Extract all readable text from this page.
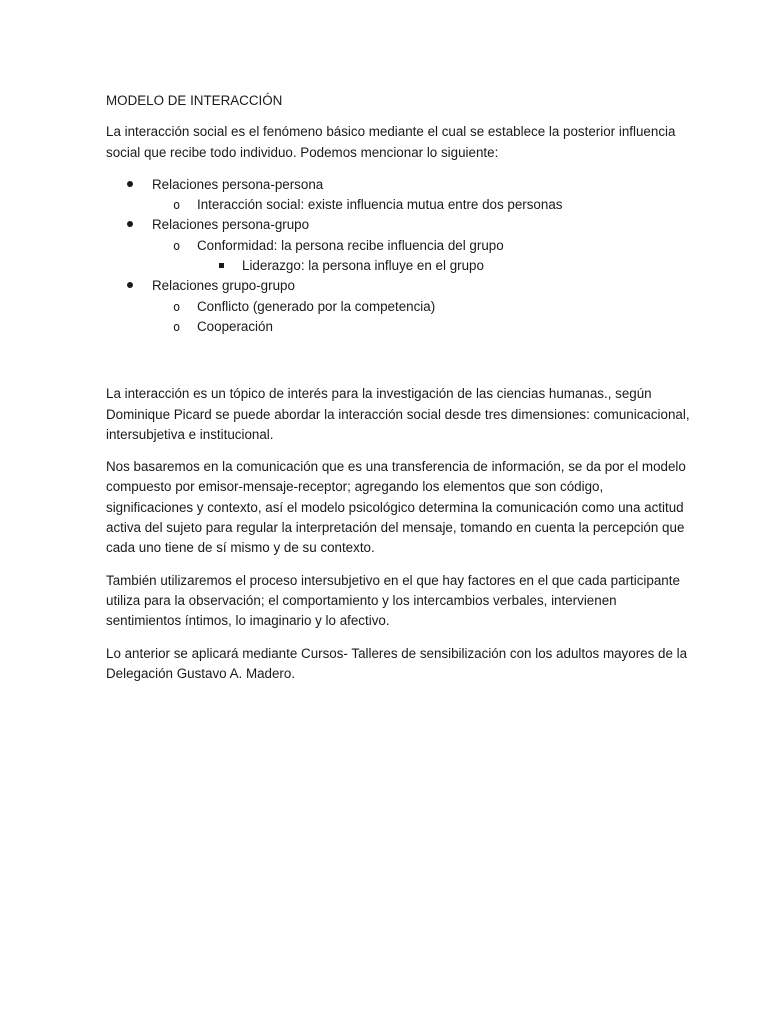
MODELO DE INTERACCIÓN
La interacción social es el fenómeno básico mediante el cual se establece la posterior influencia
social que recibe todo individuo. Podemos mencionar lo siguiente:
Relaciones persona-persona
o Interacción social: existe influencia mutua entre dos personas
Relaciones persona-grupo
o Conformidad: la persona recibe influencia del grupo
Liderazgo: la persona influye en el grupo
Relaciones grupo-grupo
o Conflicto (generado por la competencia)
o Cooperación
La interacción es un tópico de interés para la investigación de las ciencias humanas., según
Dominique Picard se puede abordar la interacción social desde tres dimensiones: comunicacional,
intersubjetiva e institucional.
Nos basaremos en la comunicación que es una transferencia de información, se da por el modelo
compuesto por emisor-mensaje-receptor; agregando los elementos que son código,
significaciones y contexto, así el modelo psicológico determina la comunicación como una actitud
activa del sujeto para regular la interpretación del mensaje, tomando en cuenta la percepción que
cada uno tiene de sí mismo y de su contexto.
También utilizaremos el proceso intersubjetivo en el que hay factores en el que cada participante
utiliza para la observación; el comportamiento y los intercambios verbales, intervienen
sentimientos íntimos, lo imaginario y lo afectivo.
Lo anterior se aplicará mediante Cursos- Talleres de sensibilización con los adultos mayores de la
Delegación Gustavo A. Madero.
